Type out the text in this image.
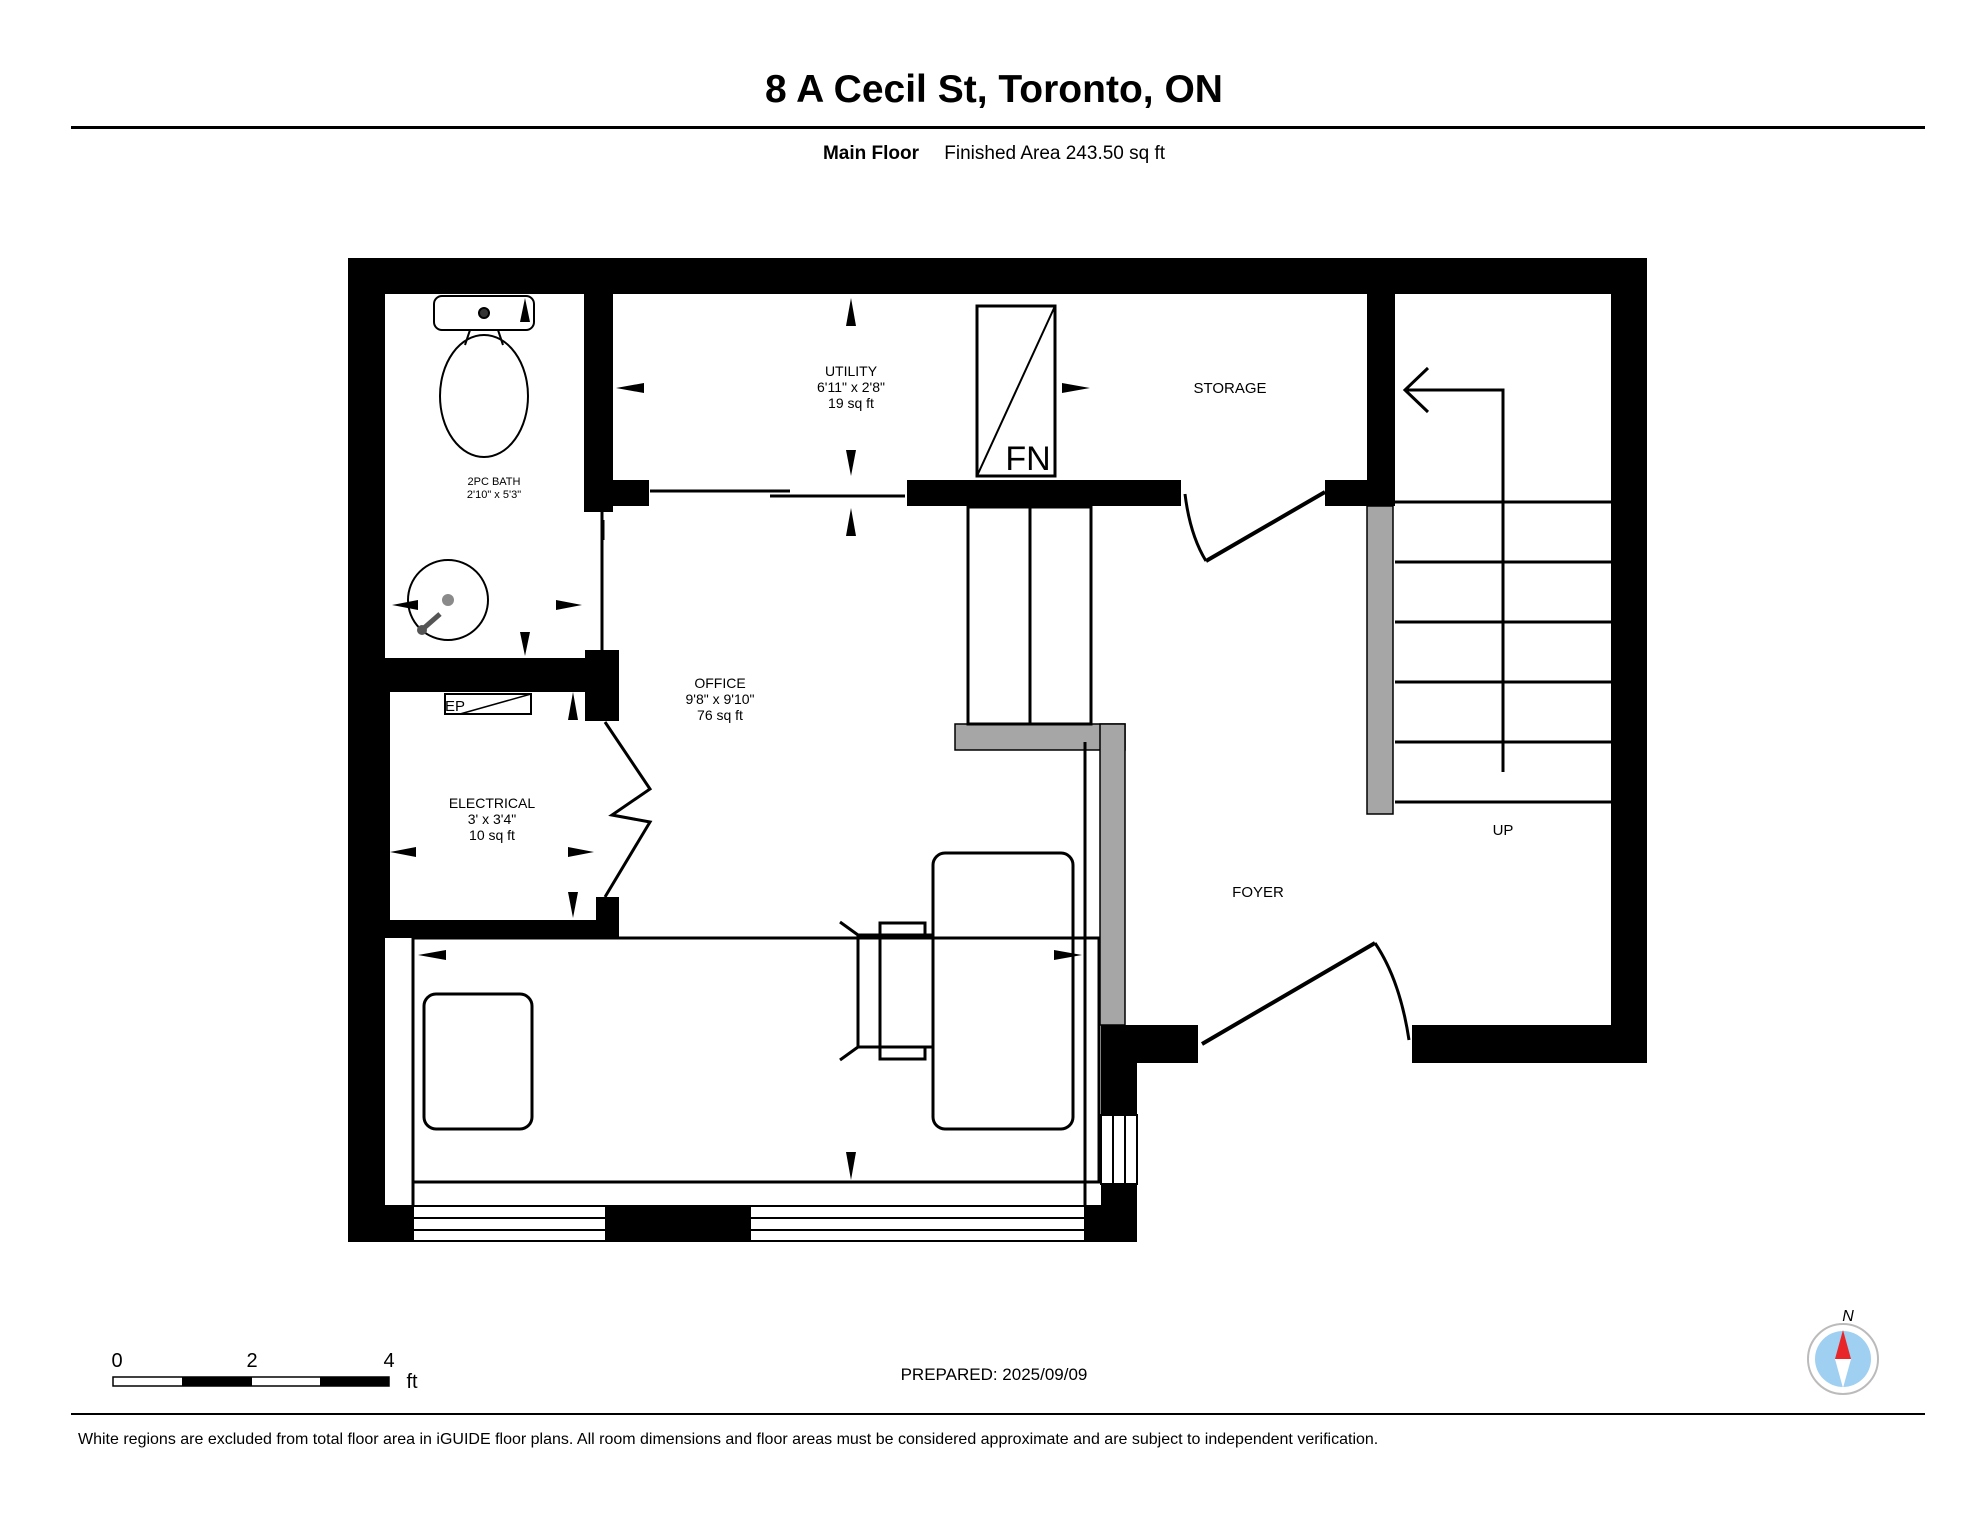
8 A Cecil St, Toronto, ON
Main Floor Finished Area 243.50 sq ft
FN
EP
2PC BATH
2'10" x 5'3"
UTILITY
6'11" x 2'8"
19 sq ft
STORAGE
OFFICE
9'8" x 9'10"
76 sq ft
ELECTRICAL
3' x 3'4"
10 sq ft
FOYER
UP
0	2	4
ft
N
PREPARED: 2025/09/09
White regions are excluded from total floor area in iGUIDE floor plans. All room dimensions and floor areas must be considered approximate and are subject to independent verification.
